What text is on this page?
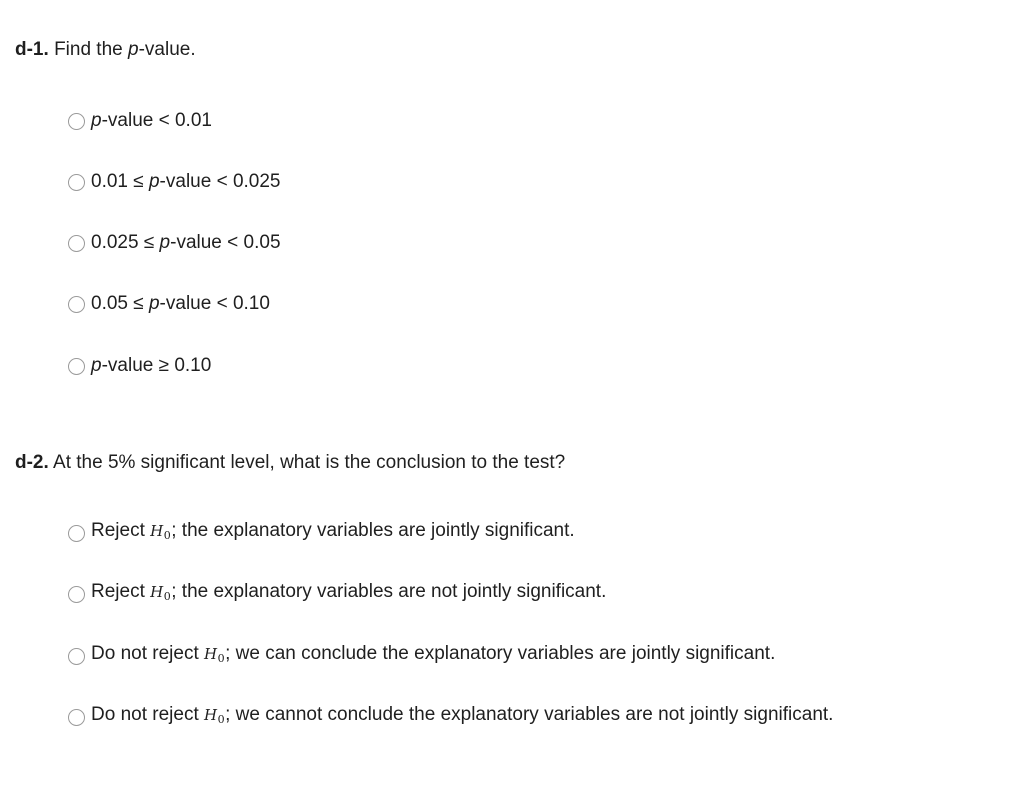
d-1. Find the p-value.
p-value < 0.01
0.01 ≤ p-value < 0.025
0.025 ≤ p-value < 0.05
0.05 ≤ p-value < 0.10
p-value ≥ 0.10
d-2. At the 5% significant level, what is the conclusion to the test?
Reject $H_0$; the explanatory variables are jointly significant.
Reject $H_0$; the explanatory variables are not jointly significant.
Do not reject $H_0$; we can conclude the explanatory variables are jointly significant.
Do not reject $H_0$; we cannot conclude the explanatory variables are not jointly significant.
